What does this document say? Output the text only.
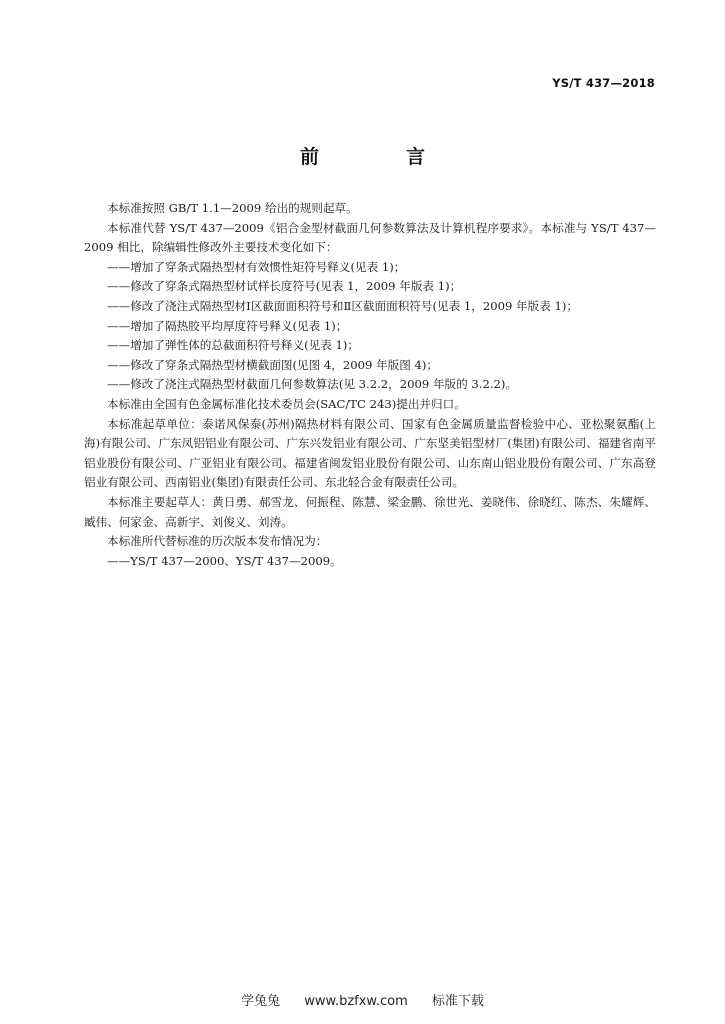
YS/T 437—2018
前　言

本标准按照 GB/T 1.1—2009 给出的规则起草。

本标准代替 YS/T 437—2009《铝合金型材截面几何参数算法及计算机程序要求》。本标准与 YS/T 437—2009 相比，除编辑性修改外主要技术变化如下：

——增加了穿条式隔热型材有效惯性矩符号释义(见表 1)；

——修改了穿条式隔热型材试样长度符号(见表 1，2009 年版表 1)；

——修改了浇注式隔热型材Ⅰ区截面面积符号和Ⅱ区截面面积符号(见表 1，2009 年版表 1)；

——增加了隔热胶平均厚度符号释义(见表 1)；

——增加了弹性体的总截面积符号释义(见表 1)；

——修改了穿条式隔热型材横截面图(见图 4，2009 年版图 4)；

——修改了浇注式隔热型材截面几何参数算法(见 3.2.2，2009 年版的 3.2.2)。

本标准由全国有色金属标准化技术委员会(SAC/TC 243)提出并归口。

本标准起草单位：泰诺风保泰(苏州)隔热材料有限公司、国家有色金属质量监督检验中心、亚松聚氨酯(上海)有限公司、广东凤铝铝业有限公司、广东兴发铝业有限公司、广东坚美铝型材厂(集团)有限公司、福建省南平铝业股份有限公司、广亚铝业有限公司、福建省闽发铝业股份有限公司、山东南山铝业股份有限公司、广东高登铝业有限公司、西南铝业(集团)有限责任公司、东北轻合金有限责任公司。

本标准主要起草人：黄日勇、郝雪龙、何振程、陈慧、梁金鹏、徐世光、姜晓伟、徐晓红、陈杰、朱耀辉、臧伟、何家金、高新宇、刘俊义、刘涛。

本标准所代替标准的历次版本发布情况为：

——YS/T 437—2000、YS/T 437—2009。

学兔兔 www.bzfxw.com 标准下载
